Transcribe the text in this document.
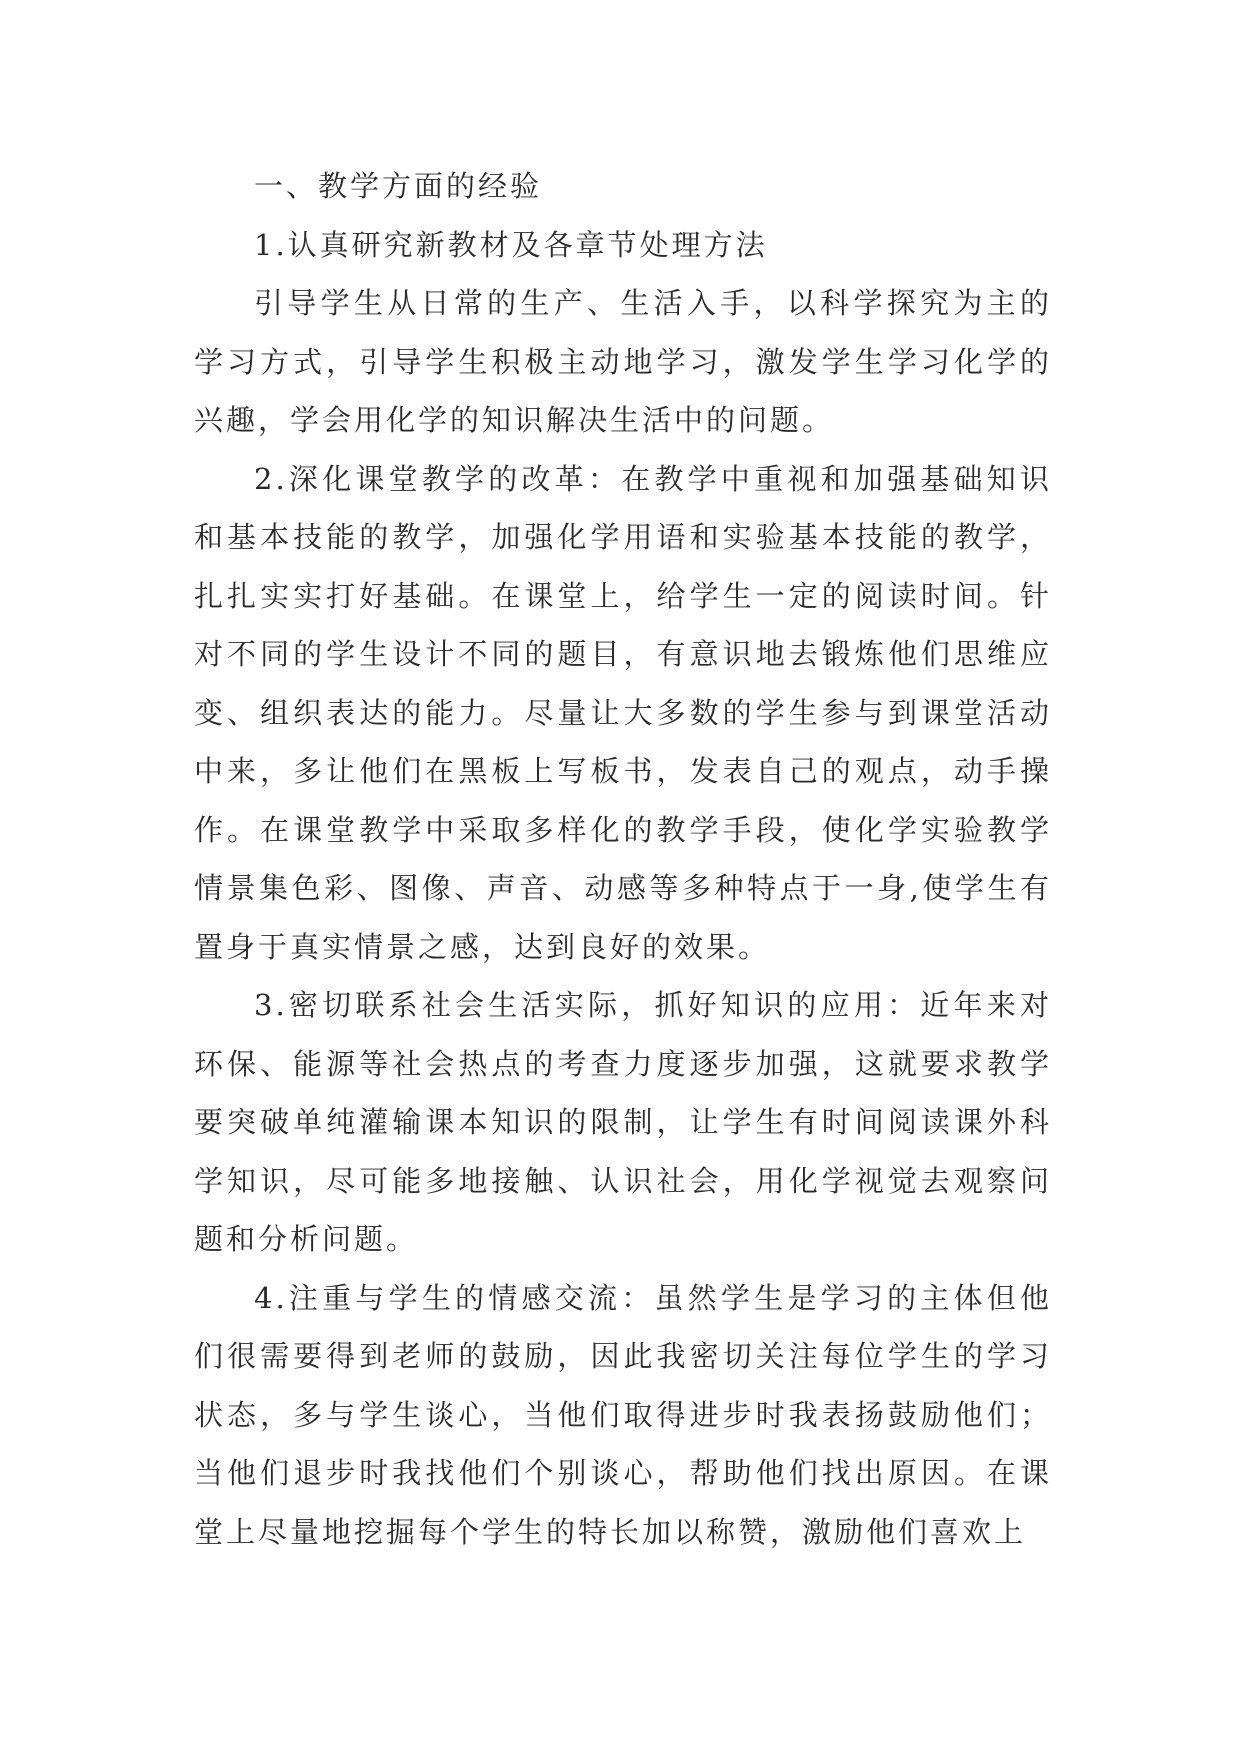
一、教学方面的经验

1.认真研究新教材及各章节处理方法

引导学生从日常的生产、生活入手，以科学探究为主的学习方式，引导学生积极主动地学习，激发学生学习化学的兴趣，学会用化学的知识解决生活中的问题。

2.深化课堂教学的改革：在教学中重视和加强基础知识和基本技能的教学，加强化学用语和实验基本技能的教学，扎扎实实打好基础。在课堂上，给学生一定的阅读时间。针对不同的学生设计不同的题目，有意识地去锻炼他们思维应变、组织表达的能力。尽量让大多数的学生参与到课堂活动中来，多让他们在黑板上写板书，发表自己的观点，动手操作。在课堂教学中采取多样化的教学手段，使化学实验教学情景集色彩、图像、声音、动感等多种特点于一身,使学生有置身于真实情景之感，达到良好的效果。

3.密切联系社会生活实际，抓好知识的应用：近年来对环保、能源等社会热点的考查力度逐步加强，这就要求教学要突破单纯灌输课本知识的限制，让学生有时间阅读课外科学知识，尽可能多地接触、认识社会，用化学视觉去观察问题和分析问题。

4.注重与学生的情感交流：虽然学生是学习的主体但他们很需要得到老师的鼓励，因此我密切关注每位学生的学习状态，多与学生谈心，当他们取得进步时我表扬鼓励他们；当他们退步时我找他们个别谈心，帮助他们找出原因。在课堂上尽量地挖掘每个学生的特长加以称赞，激励他们喜欢上
